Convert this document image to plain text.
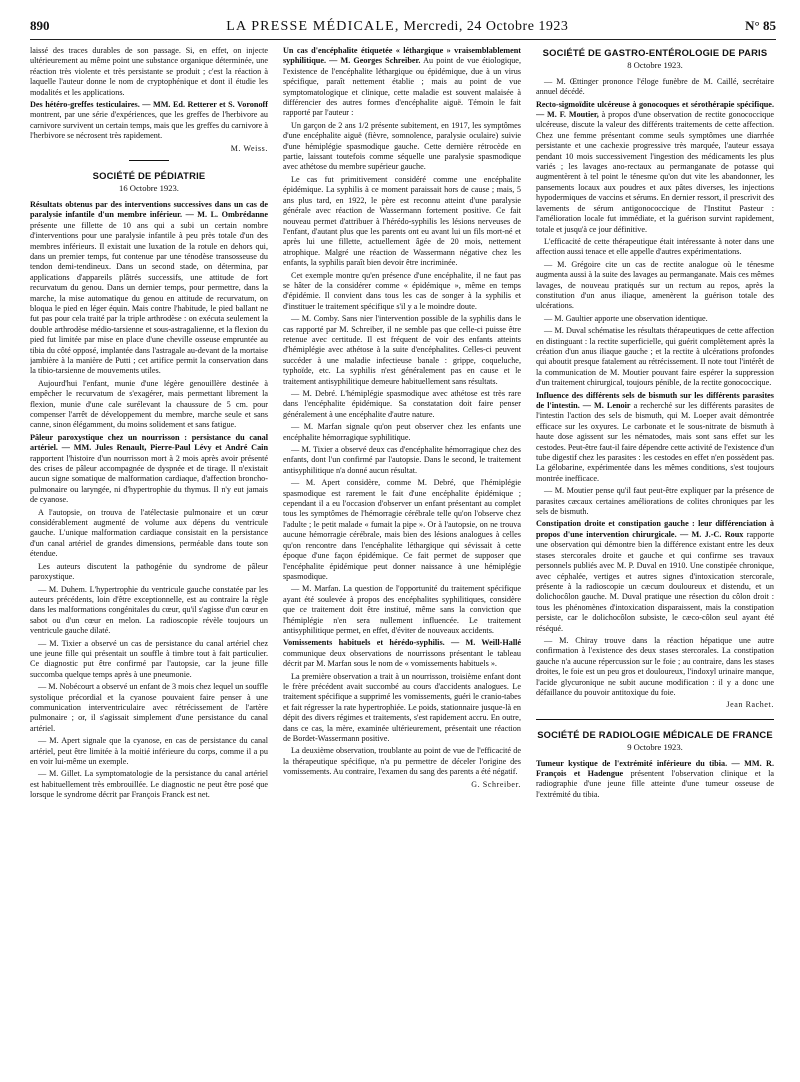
890	LA PRESSE MÉDICALE, Mercredi, 24 Octobre 1923	N° 85

laissé des traces durables de son passage. Si, en effet, on injecte ultérieurement au même point une substance organique déterminée, une réaction très violente et très persistante se produit ; c'est la réaction à laquelle l'auteur donne le nom de cryptophénique et dont il étudie les modalités et les applications.

Des hétéro-greffes testiculaires. — MM. Ed. Retterer et S. Voronoff montrent, par une série d'expériences, que les greffes de l'herbivore au carnivore survivent un certain temps, mais que les greffes du carnivore à l'herbivore se nécrosent très rapidement.

M. Weiss.
SOCIÉTÉ DE PÉDIATRIE
16 Octobre 1923.

Résultats obtenus par des interventions successives dans un cas de paralysie infantile d'un membre inférieur. — M. L. Ombrédanne présente une fillette de 10 ans qui a subi un certain nombre d'interventions pour une paralysie infantile à peu près totale d'un des membres inférieurs. Il existait une luxation de la rotule en dehors qui, dans un premier temps, fut contenue par une ténodèse transosseuse du tendon demi-tendineux. Dans un second stade, on détermina, par applications d'appareils plâtrés successifs, une attitude de fort recurvatum du genou. Dans un dernier temps, pour permettre, dans la marche, la mise automatique du genou en attitude de recurvatum, on bloqua le pied en léger équin. Mais contre l'habitude, le pied ballant ne fut pas pour cela traité par la triple arthrodèse : on exécuta seulement la double arthrodèse médio-tarsienne et sous-astragalienne, et la flexion du pied fut limitée par mise en place d'une cheville osseuse empruntée au tibia du côté opposé, implantée dans l'astragale au-devant de la mortaise jambière à la manière de Putti ; cet artifice permit la conservation dans la tibio-tarsienne de mouvements utiles.

Aujourd'hui l'enfant, munie d'une légère genouillère destinée à empêcher le recurvatum de s'exagérer, mais permettant librement la flexion, munie d'une cale surélevant la chaussure de 5 cm. pour compenser l'arrêt de développement du membre, marche seule et sans canne, sinon élégamment, du moins solidement et sans fatigue.

Pâleur paroxystique chez un nourrisson : persistance du canal artériel. — MM. Jules Renault, Pierre-Paul Lévy et André Cain rapportent l'histoire d'un nourrisson mort à 2 mois après avoir présenté des crises de pâleur accompagnée de dyspnée et de tirage. Il n'existait aucun signe somatique de malformation cardiaque, d'affection broncho-pulmonaire ou laryngée, ni d'hypertrophie du thymus. Il n'y eut jamais de cyanose.

A l'autopsie, on trouva de l'atélectasie pulmonaire et un cœur considérablement augmenté de volume aux dépens du ventricule gauche. L'unique malformation cardiaque consistait en la persistance d'un canal artériel de grandes dimensions, perméable dans toute son étendue.

Les auteurs discutent la pathogénie du syndrome de pâleur paroxystique.

— M. Duhem. L'hypertrophie du ventricule gauche constatée par les auteurs précédents, loin d'être exceptionnelle, est au contraire la règle dans les malformations congénitales du cœur, qu'il s'agisse d'un cœur en sabot ou d'un cœur en melon. La radioscopie révèle toujours un ventricule gauche dilaté.

— M. Tixier a observé un cas de persistance du canal artériel chez une jeune fille qui présentait un souffle à timbre tout à fait particulier. Ce diagnostic put être confirmé par l'autopsie, car la jeune fille succomba quelque temps après à une pneumonie.

— M. Nobécourt a observé un enfant de 3 mois chez lequel un souffle systolique précordial et la cyanose pouvaient faire penser à une communication interventriculaire avec rétrécissement de l'artère pulmonaire ; or, il s'agissait simplement d'une persistance du canal artériel.

— M. Apert signale que la cyanose, en cas de persistance du canal artériel, peut être limitée à la moitié inférieure du corps, comme il a pu en voir lui-même un exemple.

— M. Gillet. La symptomatologie de la persistance du canal artériel est habituellement très embrouillée. Le diagnostic ne peut être posé que lorsque le syndrome décrit par François Franck est net.

Un cas d'encéphalite étiquetée « léthargique » vraisemblablement syphilitique. — M. Georges Schreiber. Au point de vue étiologique, l'existence de l'encéphalite léthargique ou épidémique, due à un virus spécifique, paraît nettement établie ; mais au point de vue symptomatologique et clinique, cette maladie est souvent malaisée à différencier des autres formes d'encéphalite aiguë. Témoin le fait rapporté par l'auteur :

Un garçon de 2 ans 1/2 présente subitement, en 1917, les symptômes d'une encéphalite aiguë (fièvre, somnolence, paralysie oculaire) suivie d'une hémiplégie spasmodique gauche. Cette dernière rétrocède en partie, laissant toutefois comme séquelle une paralysie spasmodique avec athétose du membre supérieur gauche.

Le cas fut primitivement considéré comme une encéphalite épidémique. La syphilis à ce moment paraissait hors de cause ; mais, 5 ans plus tard, en 1922, le père est reconnu atteint d'une paralysie générale avec réaction de Wassermann fortement positive. Ce fait nouveau permet d'attribuer à l'hérédo-syphilis les lésions nerveuses de l'enfant, d'autant plus que les parents ont eu avant lui un fils mort-né et après lui une fillette, actuellement âgée de 20 mois, nettement atrophique. Malgré une réaction de Wassermann négative chez les enfants, la syphilis paraît bien devoir être incriminée.

Cet exemple montre qu'en présence d'une encéphalite, il ne faut pas se hâter de la considérer comme « épidémique », même en temps d'épidémie. Il convient dans tous les cas de songer à la syphilis et d'instituer le traitement spécifique s'il y a le moindre doute.

— M. Comby. Sans nier l'intervention possible de la syphilis dans le cas rapporté par M. Schreiber, il ne semble pas que celle-ci puisse être retenue avec certitude. Il est fréquent de voir des enfants atteints d'hémiplégie avec athétose à la suite d'encéphalites. Celles-ci peuvent succéder à une maladie infectieuse banale : grippe, coqueluche, typhoïde, etc. La syphilis n'est généralement pas en cause et le traitement antisyphilitique demeure habituellement sans résultats.

— M. Debré. L'hémiplégie spasmodique avec athétose est très rare dans l'encéphalite épidémique. Sa constatation doit faire penser généralement à une encéphalite d'autre nature.

— M. Marfan signale qu'on peut observer chez les enfants une encéphalite hémorragique syphilitique.

— M. Tixier a observé deux cas d'encéphalite hémorragique chez des enfants, dont l'un confirmé par l'autopsie. Dans le second, le traitement antisyphilitique n'a donné aucun résultat.

— M. Apert considère, comme M. Debré, que l'hémiplégie spasmodique est rarement le fait d'une encéphalite épidémique ; cependant il a eu l'occasion d'observer un enfant présentant au complet tous les symptômes de l'hémorragie cérébrale telle qu'on l'observe chez l'adulte ; le petit malade « fumait la pipe ». Or à l'autopsie, on ne trouva aucune hémorragie cérébrale, mais bien des lésions analogues à celles qu'on rencontre dans l'encéphalite léthargique qui sévissait à cette époque d'une façon épidémique. Ce fait permet de supposer que l'encéphalite épidémique peut donner naissance à une hémiplégie spasmodique.

— M. Marfan. La question de l'opportunité du traitement spécifique ayant été soulevée à propos des encéphalites syphilitiques, considère que ce traitement doit être institué, même sans la conviction que l'hémiplégie n'en sera nullement influencée. Le traitement antisyphilitique permet, en effet, d'éviter de nouveaux accidents.

Vomissements habituels et hérédo-syphilis. — M. Weill-Hallé communique deux observations de nourrissons présentant le tableau décrit par M. Marfan sous le nom de « vomissements habituels ».

La première observation a trait à un nourrisson, troisième enfant dont le frère précédent avait succombé au cours d'accidents analogues. Le traitement spécifique a supprimé les vomissements, guéri le cranio-tabes et fait régresser la rate hypertrophiée. Le poids, stationnaire jusque-là en dépit des divers régimes et traitements, s'est rapidement accru. En outre, dans ce cas, la mère, examinée ultérieurement, présentait une réaction de Bordet-Wassermann positive.

La deuxième observation, troublante au point de vue de l'efficacité de la thérapeutique spécifique, n'a pu permettre de déceler l'origine des vomissements. Au contraire, l'examen du sang des parents a été négatif.

G. Schreiber.
SOCIÉTÉ DE GASTRO-ENTÉROLOGIE DE PARIS
8 Octobre 1923.

— M. Œttinger prononce l'éloge funèbre de M. Caillé, secrétaire annuel décédé.

Recto-sigmoïdite ulcéreuse à gonocoques et sérothérapie spécifique. — M. F. Moutier, à propos d'une observation de rectite gonococcique ulcéreuse, discute la valeur des différents traitements de cette affection. Chez une femme présentant comme seuls symptômes une diarrhée persistante et une cachexie progressive très marquée, l'auteur essaya pendant 10 mois successivement l'ingestion des médicaments les plus variés ; les lavages ano-rectaux au permanganate de potasse qui augmentèrent à tel point le ténesme qu'on dut vite les abandonner, les pansements locaux aux poudres et aux pâtes diverses, les injections hypodermiques de vaccins et sérums. En dernier ressort, il prescrivit des lavements de sérum antigonococcique de l'Institut Pasteur : l'amélioration locale fut immédiate, et la guérison survint rapidement, totale et jusqu'à ce jour définitive.

L'efficacité de cette thérapeutique était intéressante à noter dans une affection aussi tenace et elle appelle d'autres expérimentations.

— M. Grégoire cite un cas de rectite analogue où le ténesme augmenta aussi à la suite des lavages au permanganate. Mais ces mêmes lavages, de nouveau pratiqués sur un rectum au repos, après la constitution d'un anus iliaque, amenèrent la guérison totale des ulcérations.

— M. Gaultier apporte une observation identique.

— M. Duval schématise les résultats thérapeutiques de cette affection en distinguant : la rectite superficielle, qui guérit complètement après la création d'un anus iliaque gauche ; et la rectite à ulcérations profondes qui aboutit presque fatalement au rétrécissement. Il note tout l'intérêt de la communication de M. Moutier pouvant faire espérer la suppression d'un traitement chirurgical, toujours pénible, de la rectite gonococcique.

Influence des différents sels de bismuth sur les différents parasites de l'intestin. — M. Lenoir a recherché sur les différents parasites de l'intestin l'action des sels de bismuth, qui M. Loeper avait démontrée efficace sur les oxyures. Le carbonate et le sous-nitrate de bismuth à haute dose agissent sur les nématodes, mais sont sans effet sur les cestodes. Peut-être faut-il faire dépendre cette activité de l'existence d'un tube digestif chez les parasites : les cestodes en effet n'en possèdent pas. La gélobarine, expérimentée dans les mêmes conditions, s'est toujours montrée inefficace.

— M. Moutier pense qu'il faut peut-être expliquer par la présence de parasites cæcaux certaines améliorations de colites chroniques par les sels de bismuth.

Constipation droite et constipation gauche : leur différenciation à propos d'une intervention chirurgicale. — M. J.-C. Roux rapporte une observation qui démontre bien la différence existant entre les deux stases stercorales droite et gauche et qui confirme ses travaux personnels publiés avec M. P. Duval en 1910. Une constipée chronique, avec céphalée, vertiges et autres signes d'intoxication stercorale, présente à la radioscopie un cæcum douloureux et distendu, et un dolichocôlon gauche. M. Duval pratique une résection du côlon droit : tous les phénomènes d'intoxication disparaissent, mais la constipation persiste, car le dolichocôlon subsiste, le cæco-côlon seul ayant été réséqué.

— M. Chiray trouve dans la réaction hépatique une autre confirmation à l'existence des deux stases stercorales. La constipation gauche n'a aucune répercussion sur le foie ; au contraire, dans les stases droites, le foie est un peu gros et douloureux, l'indoxyl urinaire manque, l'acide glycuronique ne subit aucune modification : il y a donc une défaillance du pouvoir antitoxique du foie.

Jean Rachet.
SOCIÉTÉ DE RADIOLOGIE MÉDICALE DE FRANCE
9 Octobre 1923.

Tumeur kystique de l'extrémité inférieure du tibia. — MM. R. François et Hadengue présentent l'observation clinique et la radiographie d'une jeune fille atteinte d'une tumeur osseuse de l'extrémité du tibia.
